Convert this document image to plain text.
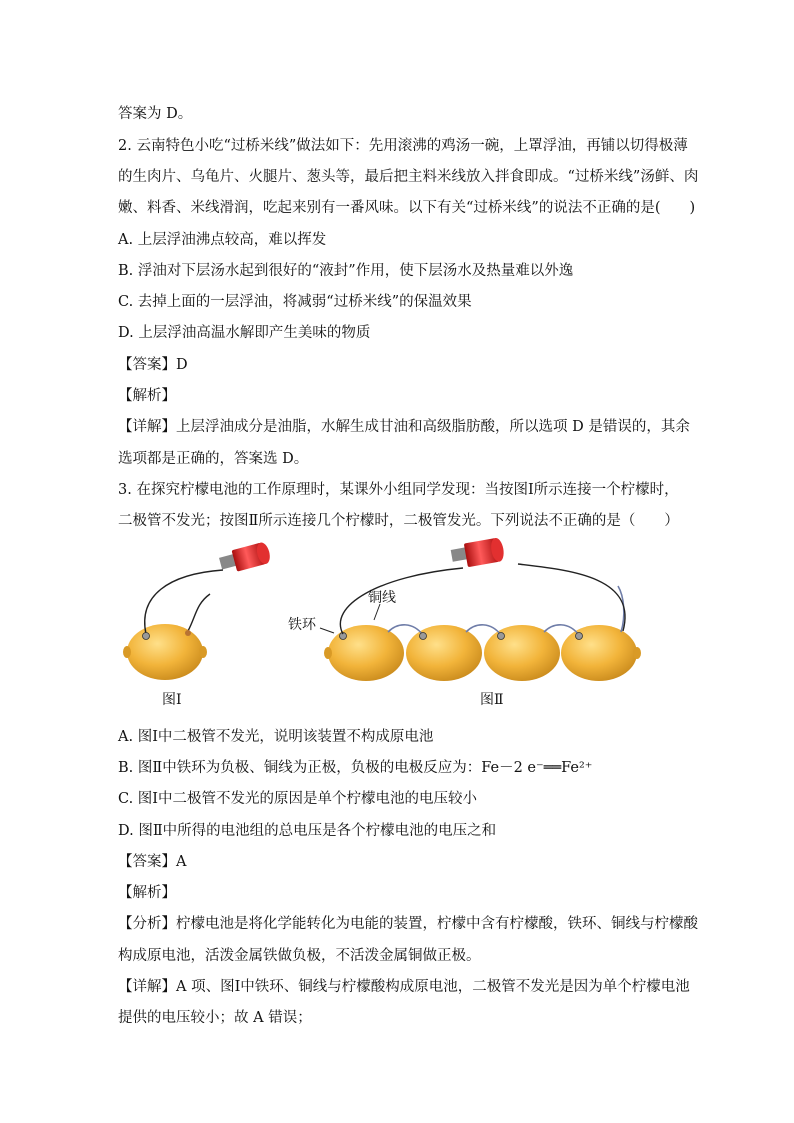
答案为 D。
2. 云南特色小吃“过桥米线”做法如下：先用滚沸的鸡汤一碗，上罩浮油，再铺以切得极薄
的生肉片、乌龟片、火腿片、葱头等，最后把主料米线放入拌食即成。“过桥米线”汤鲜、肉
嫩、料香、米线滑润，吃起来别有一番风味。以下有关“过桥米线”的说法不正确的是(　　)
A. 上层浮油沸点较高，难以挥发
B. 浮油对下层汤水起到很好的“液封”作用，使下层汤水及热量难以外逸
C. 去掉上面的一层浮油，将减弱“过桥米线”的保温效果
D. 上层浮油高温水解即产生美味的物质
【答案】D
【解析】
【详解】上层浮油成分是油脂，水解生成甘油和高级脂肪酸，所以选项 D 是错误的，其余
选项都是正确的，答案选 D。
3. 在探究柠檬电池的工作原理时，某课外小组同学发现：当按图Ⅰ所示连接一个柠檬时，
二极管不发光；按图Ⅱ所示连接几个柠檬时，二极管发光。下列说法不正确的是（　　）
铁环
铜线
图Ⅰ	图Ⅱ
A. 图Ⅰ中二极管不发光，说明该装置不构成原电池
B. 图Ⅱ中铁环为负极、铜线为正极，负极的电极反应为：Fe－2 e⁻══Fe²⁺
C. 图Ⅰ中二极管不发光的原因是单个柠檬电池的电压较小
D. 图Ⅱ中所得的电池组的总电压是各个柠檬电池的电压之和
【答案】A
【解析】
【分析】柠檬电池是将化学能转化为电能的装置，柠檬中含有柠檬酸，铁环、铜线与柠檬酸
构成原电池，活泼金属铁做负极，不活泼金属铜做正极。
【详解】A 项、图Ⅰ中铁环、铜线与柠檬酸构成原电池，二极管不发光是因为单个柠檬电池
提供的电压较小；故 A 错误；
